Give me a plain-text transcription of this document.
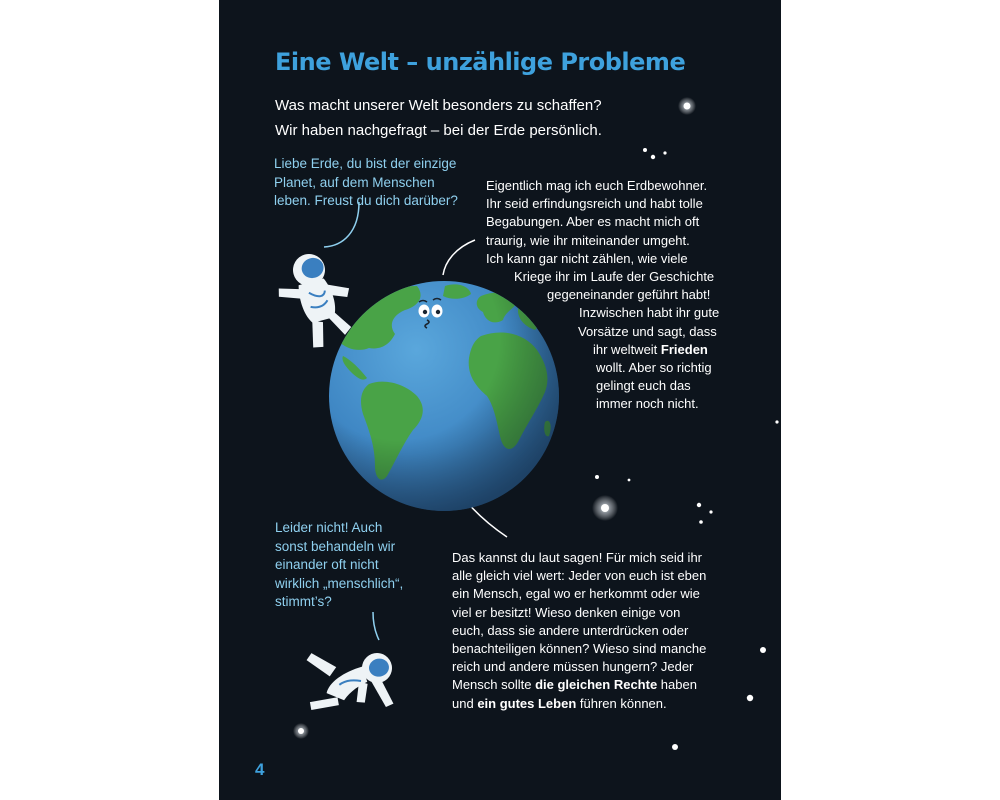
Eine Welt – unzählige Probleme
Was macht unserer Welt besonders zu schaffen?
Wir haben nachgefragt – bei der Erde persönlich.
Liebe Erde, du bist der einzige
Planet, auf dem Menschen
leben. Freust du dich darüber?
Eigentlich mag ich euch Erdbewohner.
Ihr seid erfindungsreich und habt tolle
Begabungen. Aber es macht mich oft
traurig, wie ihr miteinander umgeht.
Ich kann gar nicht zählen, wie viele
Kriege ihr im Laufe der Geschichte
gegeneinander geführt habt!
Inzwischen habt ihr gute
Vorsätze und sagt, dass
ihr weltweit Frieden
wollt. Aber so richtig
gelingt euch das
immer noch nicht.
Leider nicht! Auch
sonst behandeln wir
einander oft nicht
wirklich „menschlich“,
stimmt’s?
Das kannst du laut sagen! Für mich seid ihr
alle gleich viel wert: Jeder von euch ist eben
ein Mensch, egal wo er herkommt oder wie
viel er besitzt! Wieso denken einige von
euch, dass sie andere unterdrücken oder
benachteiligen können? Wieso sind manche
reich und andere müssen hungern? Jeder
Mensch sollte die gleichen Rechte haben
und ein gutes Leben führen können.
4
